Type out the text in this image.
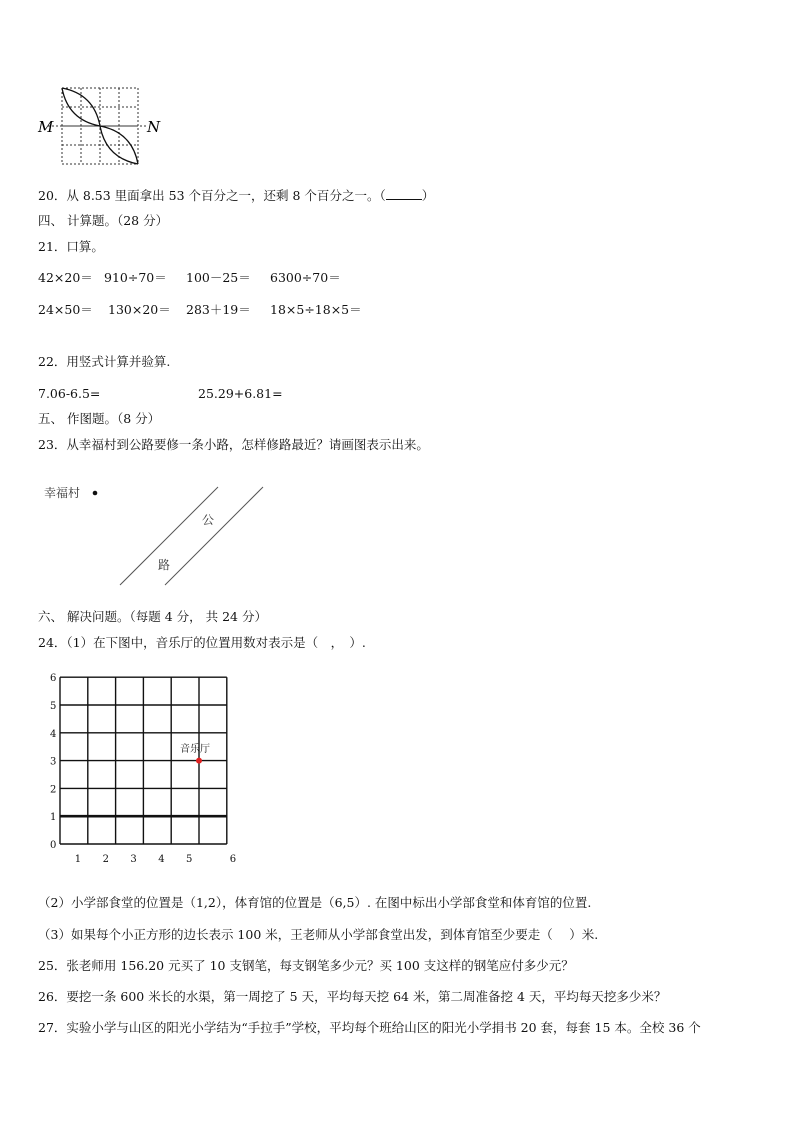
M	N
20．从 8.53 里面拿出 53 个百分之一，还剩 8 个百分之一。（	）
四、 计算题。（28 分）
21．口算。
42×20＝ 910÷70＝ 100－25＝ 6300÷70＝
24×50＝ 130×20＝ 283＋19＝ 18×5÷18×5＝
22．用竖式计算并验算.
7.06-6.5=	25.29+6.81=
五、 作图题。（8 分）
23．从幸福村到公路要修一条小路，怎样修路最近？请画图表示出来。
幸福村
公
路
六、 解决问题。（每题 4 分， 共 24 分）
24．（1）在下图中，音乐厅的位置用数对表示是（　，　）.
6
5
4
3
2
1
0
1 2 3 4 5	6
音乐厅
（2）小学部食堂的位置是（1,2），体育馆的位置是（6,5）. 在图中标出小学部食堂和体育馆的位置.
（3）如果每个小正方形的边长表示 100 米，王老师从小学部食堂出发，到体育馆至少要走（　 ）米.
25．张老师用 156.20 元买了 10 支钢笔，每支钢笔多少元？买 100 支这样的钢笔应付多少元？
26．要挖一条 600 米长的水渠，第一周挖了 5 天，平均每天挖 64 米，第二周准备挖 4 天，平均每天挖多少米？
27．实验小学与山区的阳光小学结为“手拉手”学校，平均每个班给山区的阳光小学捐书 20 套，每套 15 本。全校 36 个
